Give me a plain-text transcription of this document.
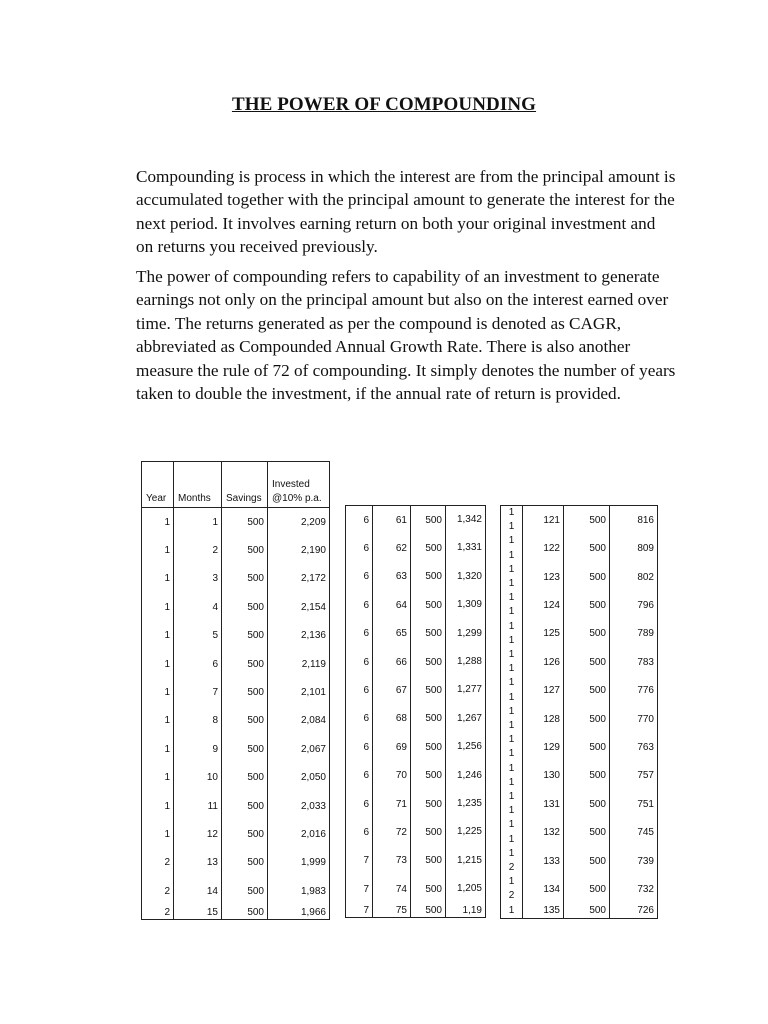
THE POWER OF COMPOUNDING

Compounding is process in which the interest are from the principal amount is accumulated together with the principal amount to generate the interest for the next period. It involves earning return on both your original investment and on returns you received previously.

The power of compounding refers to capability of an investment to generate earnings not only on the principal amount but also on the interest earned over time. The returns generated as per the compound is denoted as CAGR, abbreviated as Compounded Annual Growth Rate. There is also another measure the rule of 72 of compounding. It simply denotes the number of years taken to double the investment, if the annual rate of return is provided.

Year	Months	Savings	Invested @10% p.a.
1	1	500	2,209
1	2	500	2,190
1	3	500	2,172
1	4	500	2,154
1	5	500	2,136
1	6	500	2,119
1	7	500	2,101
1	8	500	2,084
1	9	500	2,067
1	10	500	2,050
1	11	500	2,033
1	12	500	2,016
2	13	500	1,999
2	14	500	1,983
2	15	500	1,966
6	61	500	1,342
6	62	500	1,331
6	63	500	1,320
6	64	500	1,309
6	65	500	1,299
6	66	500	1,288
6	67	500	1,277
6	68	500	1,267
6	69	500	1,256
6	70	500	1,246
6	71	500	1,235
6	72	500	1,225
7	73	500	1,215
7	74	500	1,205
7	75	500	1,19
11	121	500	816
11	122	500	809
11	123	500	802
11	124	500	796
11	125	500	789
11	126	500	783
11	127	500	776
11	128	500	770
11	129	500	763
11	130	500	757
11	131	500	751
11	132	500	745
12	133	500	739
12	134	500	732
1	135	500	726
